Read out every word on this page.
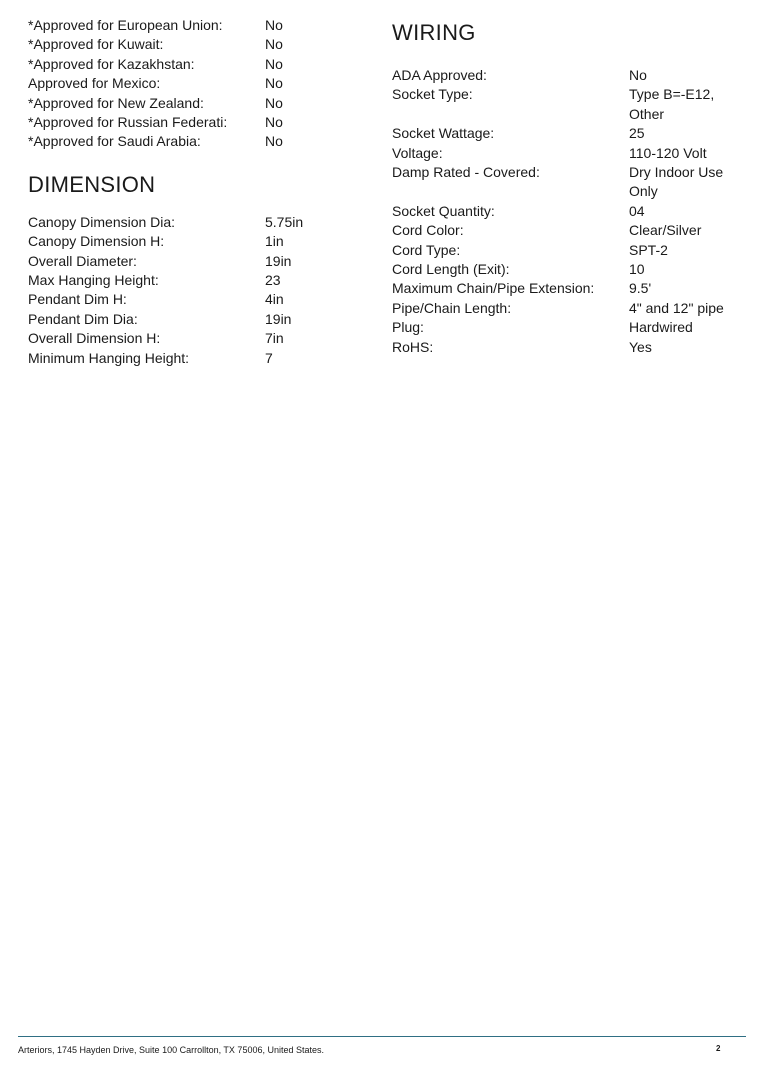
*Approved for European Union:	No
*Approved for Kuwait:	No
*Approved for Kazakhstan:	No
Approved for Mexico:	No
*Approved for New Zealand:	No
*Approved for Russian Federati:	No
*Approved for Saudi Arabia:	No
DIMENSION
Canopy Dimension Dia:	5.75in
Canopy Dimension H:	1in
Overall Diameter:	19in
Max Hanging Height:	23
Pendant Dim H:	4in
Pendant Dim Dia:	19in
Overall Dimension H:	7in
Minimum Hanging Height:	7
WIRING
ADA Approved:	No
Socket Type:	Type B=-E12, Other
Socket Wattage:	25
Voltage:	110-120 Volt
Damp Rated - Covered:	Dry Indoor Use Only
Socket Quantity:	04
Cord Color:	Clear/Silver
Cord Type:	SPT-2
Cord Length (Exit):	10
Maximum Chain/Pipe Extension:	9.5'
Pipe/Chain Length:	4" and 12" pipe
Plug:	Hardwired
RoHS:	Yes
Arteriors, 1745 Hayden Drive, Suite 100 Carrollton, TX 75006, United States.	2
